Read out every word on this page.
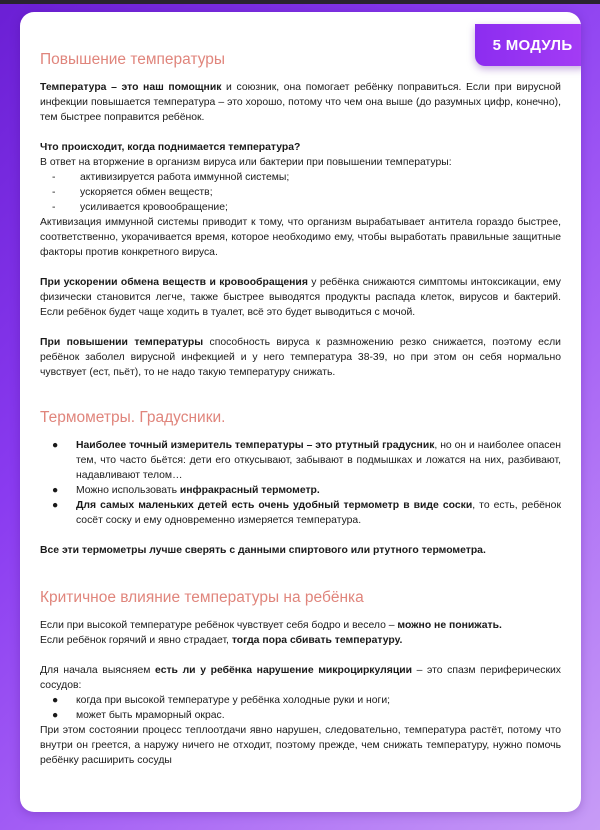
5 МОДУЛЬ
Повышение температуры

Температура – это наш помощник и союзник, она помогает ребёнку поправиться. Если при вирусной инфекции повышается температура – это хорошо, потому что чем она выше (до разумных цифр, конечно), тем быстрее поправится ребёнок.

Что происходит, когда поднимается температура?

В ответ на вторжение в организм вируса или бактерии при повышении температуры:

- активизируется работа иммунной системы;
- ускоряется обмен веществ;
- усиливается кровообращение;

Активизация иммунной системы приводит к тому, что организм вырабатывает антитела гораздо быстрее, соответственно, укорачивается время, которое необходимо ему, чтобы выработать правильные защитные факторы против конкретного вируса.

При ускорении обмена веществ и кровообращения у ребёнка снижаются симптомы интоксикации, ему физически становится легче, также быстрее выводятся продукты распада клеток, вирусов и бактерий. Если ребёнок будет чаще ходить в туалет, всё это будет выводиться с мочой.

При повышении температуры способность вируса к размножению резко снижается, поэтому если ребёнок заболел вирусной инфекцией и у него температура 38-39, но при этом он себя нормально чувствует (ест, пьёт), то не надо такую температуру снижать.

Термометры. Градусники.
● Наиболее точный измеритель температуры – это ртутный градусник, но он и наиболее опасен тем, что часто бьётся: дети его откусывают, забывают в подмышках и ложатся на них, разбивают, надавливают телом…
● Можно использовать инфракрасный термометр.
● Для самых маленьких детей есть очень удобный термометр в виде соски, то есть, ребёнок сосёт соску и ему одновременно измеряется температура.

Все эти термометры лучше сверять с данными спиртового или ртутного термометра.

Критичное влияние температуры на ребёнка

Если при высокой температуре ребёнок чувствует себя бодро и весело – можно не понижать.

Если ребёнок горячий и явно страдает, тогда пора сбивать температуру.

Для начала выясняем есть ли у ребёнка нарушение микроциркуляции – это спазм периферических сосудов:

● когда при высокой температуре у ребёнка холодные руки и ноги;
● может быть мраморный окрас.

При этом состоянии процесс теплоотдачи явно нарушен, следовательно, температура растёт, потому что внутри он греется, а наружу ничего не отходит, поэтому прежде, чем снижать температуру, нужно помочь ребёнку расширить сосуды
